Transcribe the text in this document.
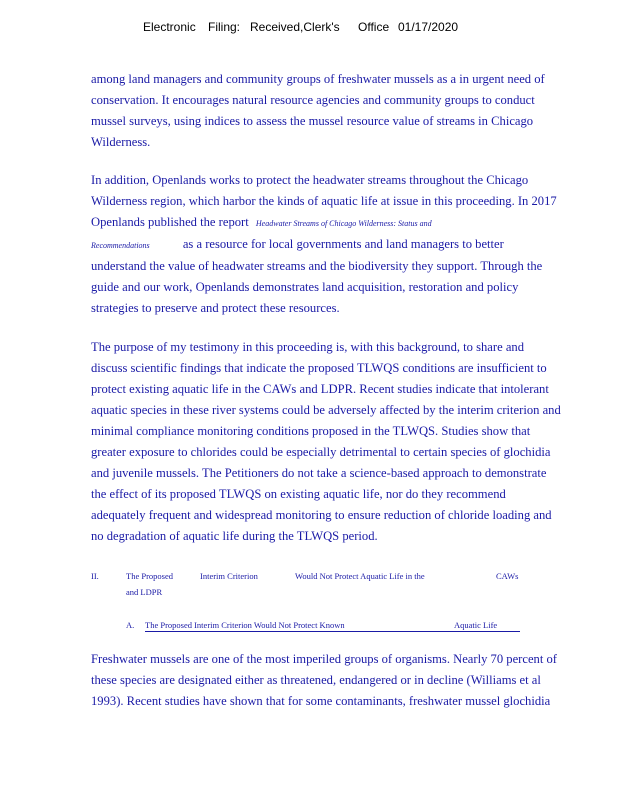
Electronic Filing: Received,Clerk's Office 01/17/2020
among land managers and community groups of freshwater mussels as a in urgent need of
conservation. It encourages natural resource agencies and community groups to conduct
mussel surveys, using indices to assess the mussel resource value of streams in Chicago
Wilderness.
In addition, Openlands works to protect the headwater streams throughout the Chicago
Wilderness region, which harbor the kinds of aquatic life at issue in this proceeding. In 2017
Openlands published the report Headwater Streams of Chicago Wilderness: Status and
Recommendations	as a resource for local governments and land managers to better
understand the value of headwater streams and the biodiversity they support. Through the
guide and our work, Openlands demonstrates land acquisition, restoration and policy
strategies to preserve and protect these resources.
The purpose of my testimony in this proceeding is, with this background, to share and
discuss scientific findings that indicate the proposed TLWQS conditions are insufficient to
protect existing aquatic life in the CAWs and LDPR. Recent studies indicate that intolerant
aquatic species in these river systems could be adversely affected by the interim criterion and
minimal compliance monitoring conditions proposed in the TLWQS. Studies show that
greater exposure to chlorides could be especially detrimental to certain species of glochidia
and juvenile mussels. The Petitioners do not take a science-based approach to demonstrate
the effect of its proposed TLWQS on existing aquatic life, nor do they recommend
adequately frequent and widespread monitoring to ensure reduction of chloride loading and
no degradation of aquatic life during the TLWQS period.
II.	The Proposed	Interim Criterion	Would Not Protect Aquatic Life in the	CAWs
and LDPR
A. The Proposed Interim Criterion Would Not Protect Known	Aquatic Life
Freshwater mussels are one of the most imperiled groups of organisms. Nearly 70 percent of
these species are designated either as threatened, endangered or in decline (Williams et al
1993). Recent studies have shown that for some contaminants, freshwater mussel glochidia
